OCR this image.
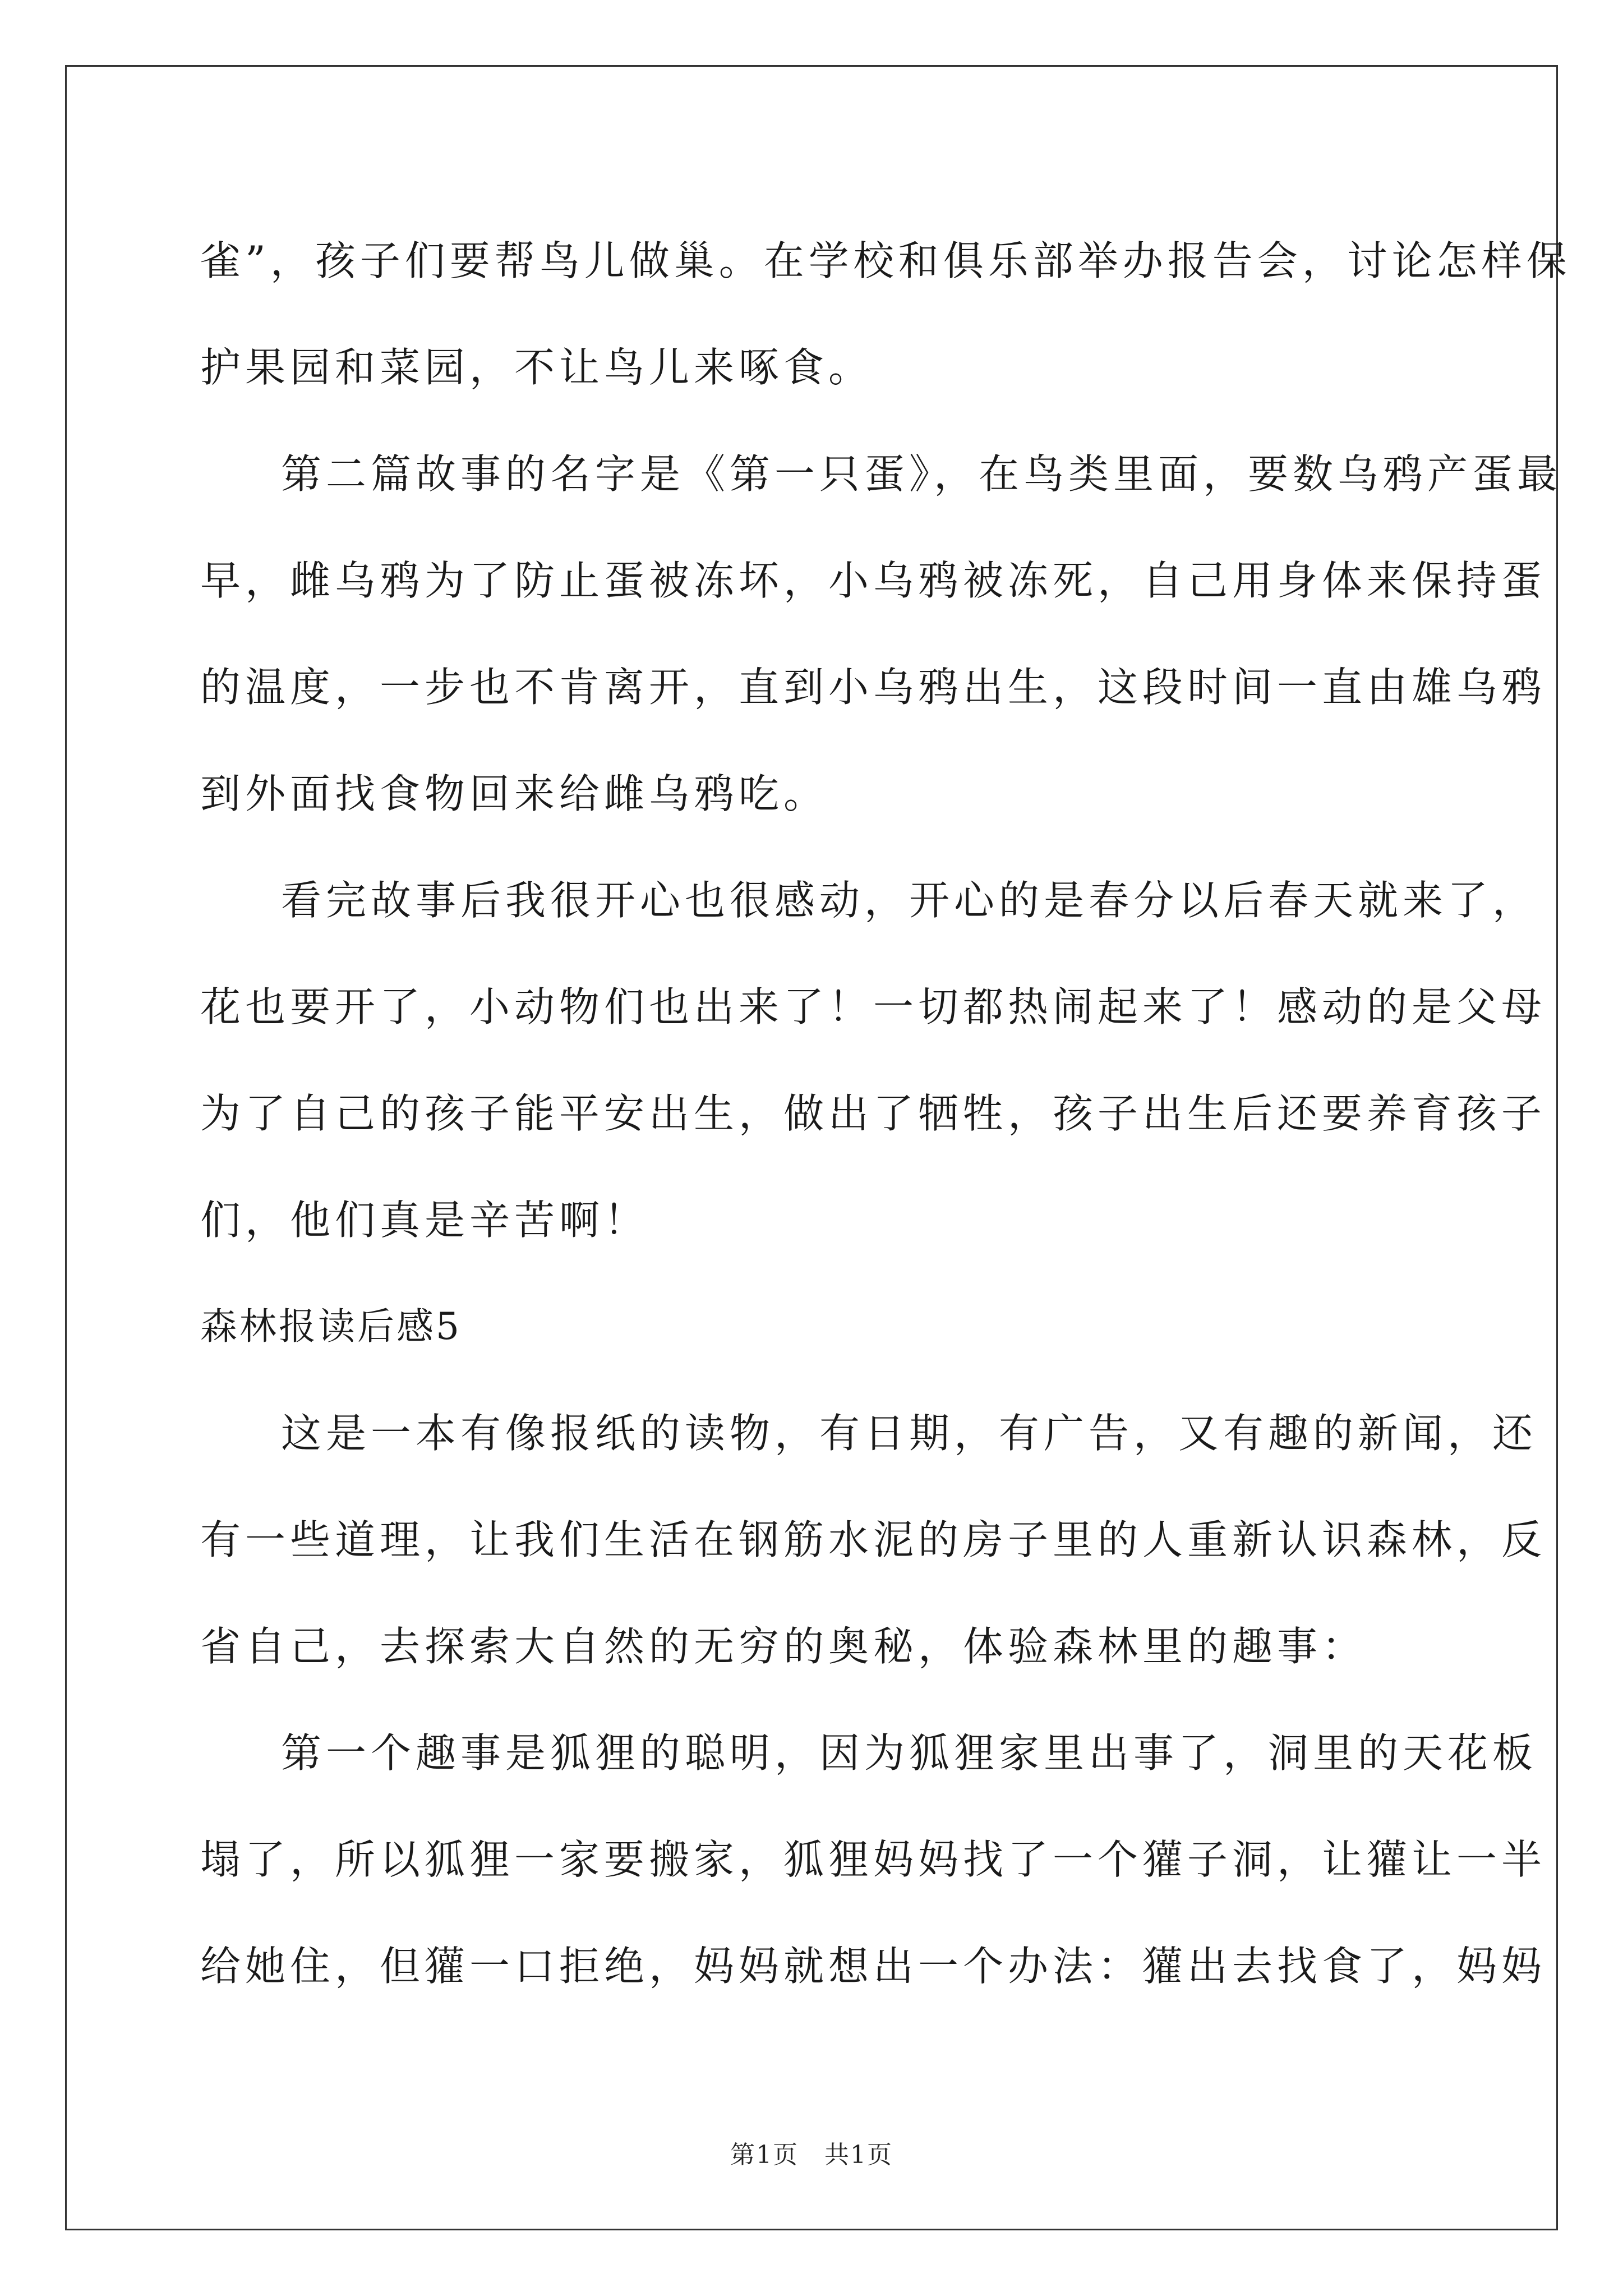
雀”，孩子们要帮鸟儿做巢。在学校和俱乐部举办报告会，讨论怎样保
护果园和菜园，不让鸟儿来啄食。
第二篇故事的名字是《第一只蛋》，在鸟类里面，要数乌鸦产蛋最
早，雌乌鸦为了防止蛋被冻坏，小乌鸦被冻死，自己用身体来保持蛋
的温度，一步也不肯离开，直到小乌鸦出生，这段时间一直由雄乌鸦
到外面找食物回来给雌乌鸦吃。
看完故事后我很开心也很感动，开心的是春分以后春天就来了，
花也要开了，小动物们也出来了！一切都热闹起来了！感动的是父母
为了自己的孩子能平安出生，做出了牺牲，孩子出生后还要养育孩子
们，他们真是辛苦啊！
森林报读后感5
这是一本有像报纸的读物，有日期，有广告，又有趣的新闻，还
有一些道理，让我们生活在钢筋水泥的房子里的人重新认识森林，反
省自己，去探索大自然的无穷的奥秘，体验森林里的趣事：
第一个趣事是狐狸的聪明，因为狐狸家里出事了，洞里的天花板
塌了，所以狐狸一家要搬家，狐狸妈妈找了一个獾子洞，让獾让一半
给她住，但獾一口拒绝，妈妈就想出一个办法：獾出去找食了，妈妈
第1页　共1页
